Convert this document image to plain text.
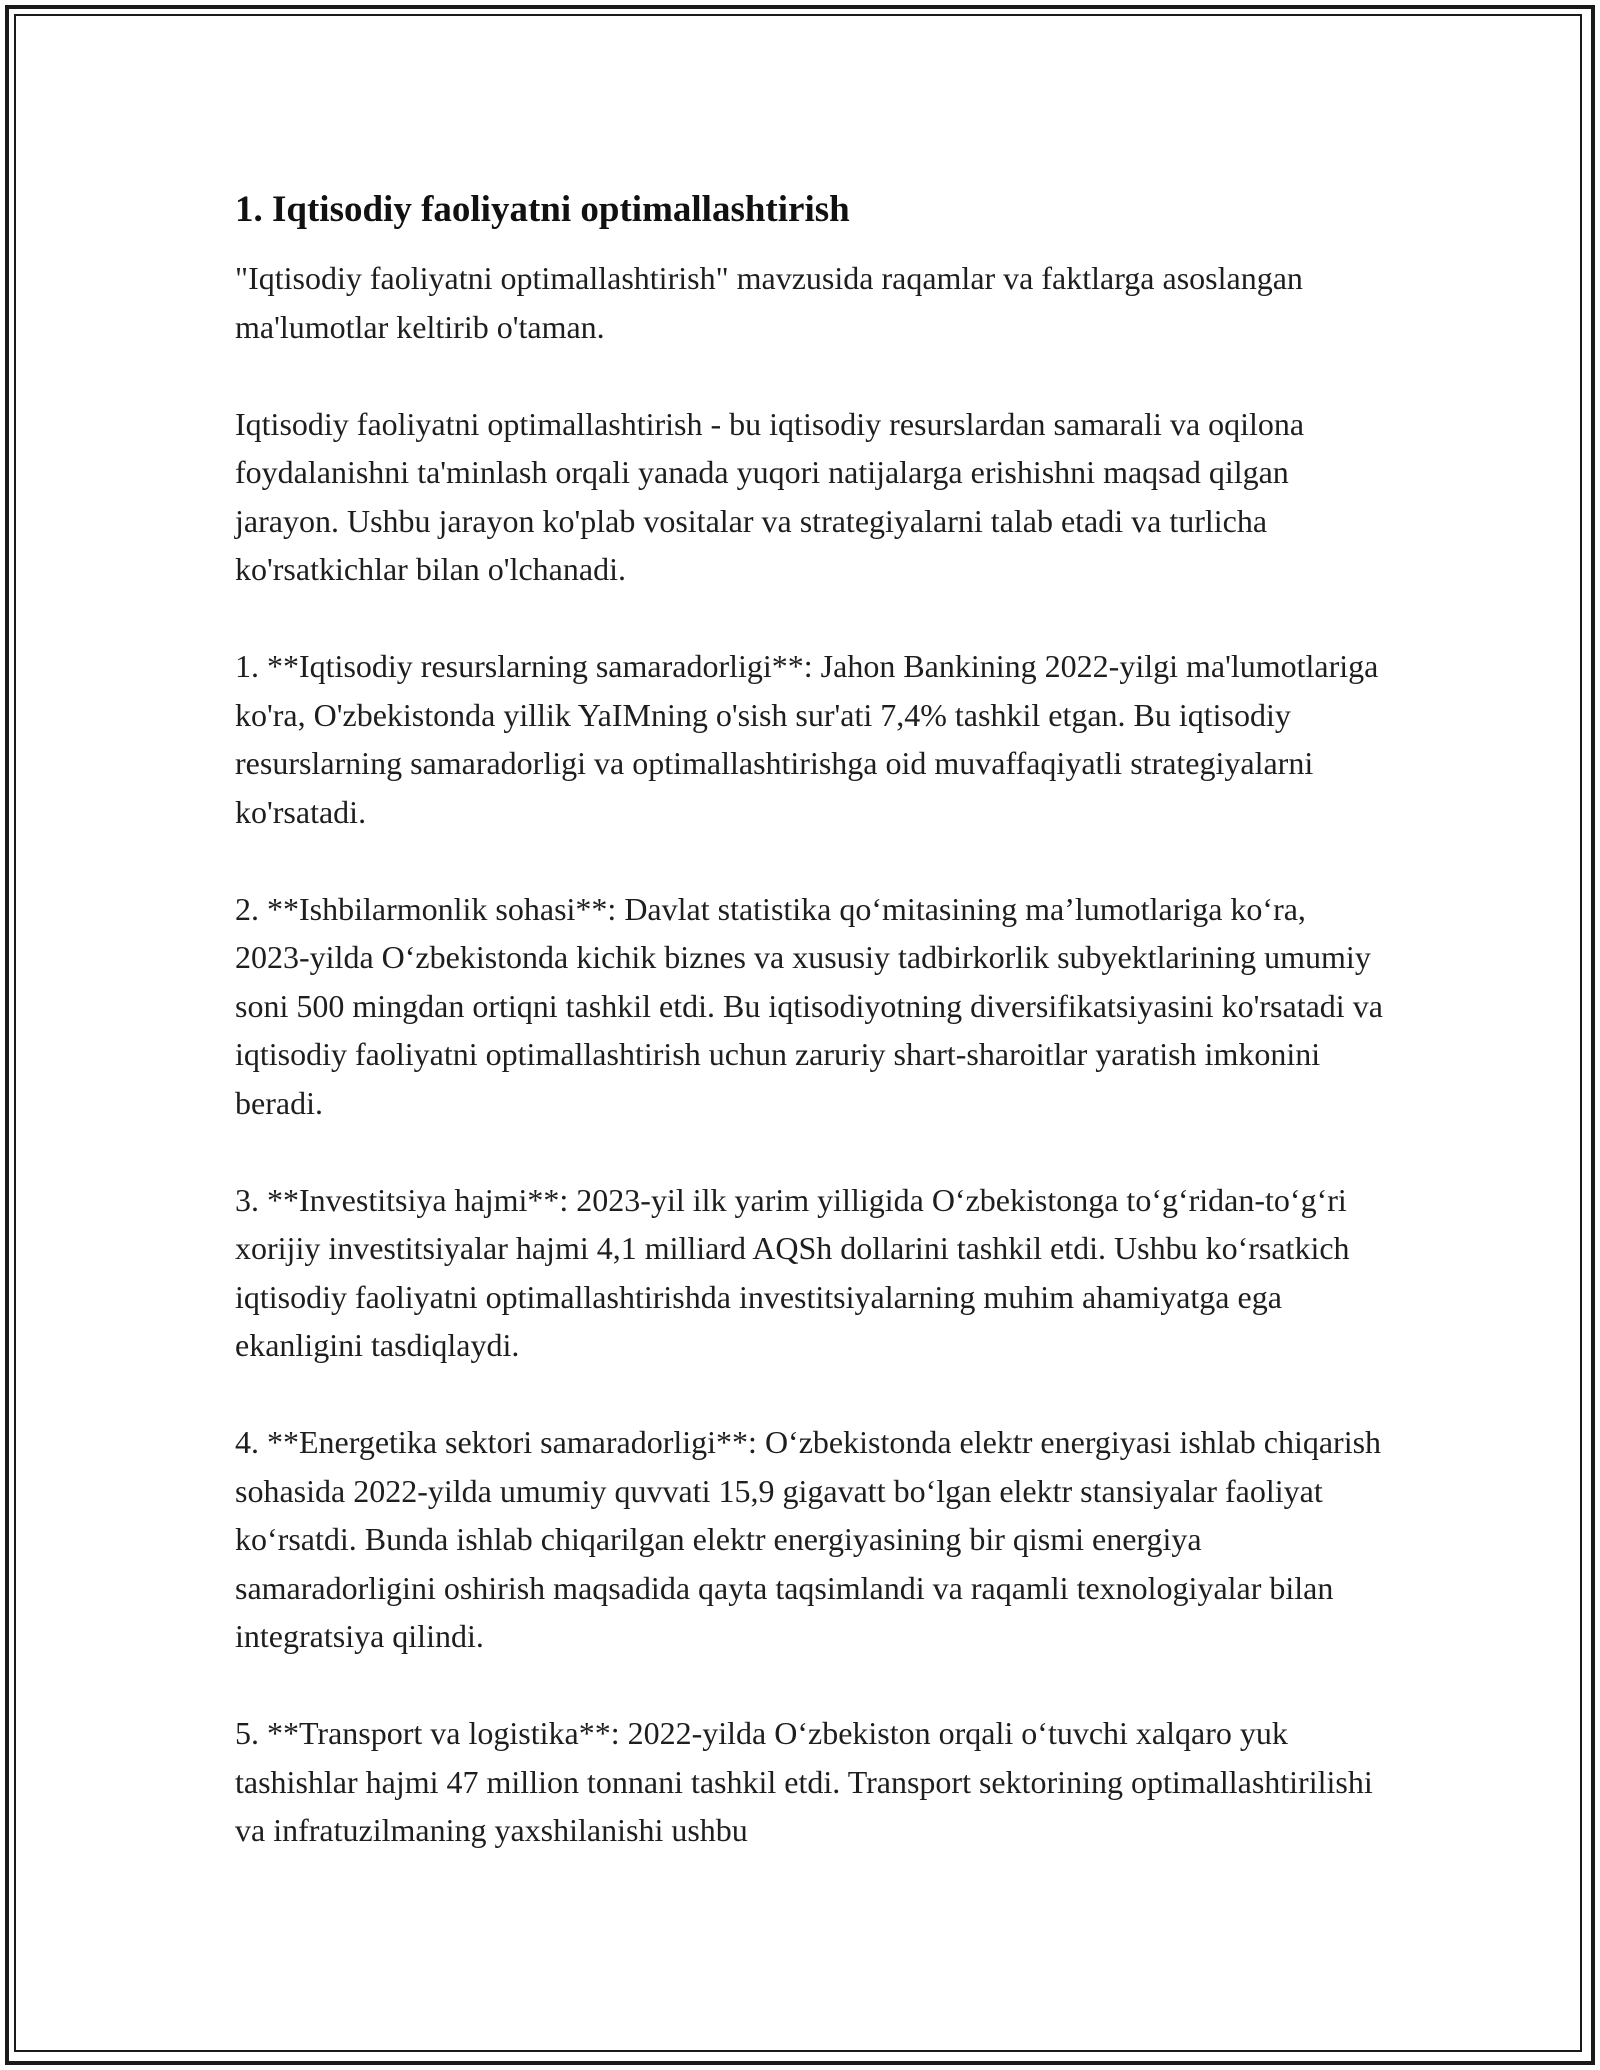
1. Iqtisodiy faoliyatni optimallashtirish

"Iqtisodiy faoliyatni optimallashtirish" mavzusida raqamlar va faktlarga asoslangan ma'lumotlar keltirib o'taman.

Iqtisodiy faoliyatni optimallashtirish - bu iqtisodiy resurslardan samarali va oqilona foydalanishni ta'minlash orqali yanada yuqori natijalarga erishishni maqsad qilgan jarayon. Ushbu jarayon ko'plab vositalar va strategiyalarni talab etadi va turlicha ko'rsatkichlar bilan o'lchanadi.

1. **Iqtisodiy resurslarning samaradorligi**: Jahon Bankining 2022-yilgi ma'lumotlariga ko'ra, O'zbekistonda yillik YaIMning o'sish sur'ati 7,4% tashkil etgan. Bu iqtisodiy resurslarning samaradorligi va optimallashtirishga oid muvaffaqiyatli strategiyalarni ko'rsatadi.

2. **Ishbilarmonlik sohasi**: Davlat statistika qo‘mitasining ma’lumotlariga ko‘ra, 2023-yilda O‘zbekistonda kichik biznes va xususiy tadbirkorlik subyektlarining umumiy soni 500 mingdan ortiqni tashkil etdi. Bu iqtisodiyotning diversifikatsiyasini ko'rsatadi va iqtisodiy faoliyatni optimallashtirish uchun zaruriy shart-sharoitlar yaratish imkonini beradi.

3. **Investitsiya hajmi**: 2023-yil ilk yarim yilligida O‘zbekistonga to‘g‘ridan-to‘g‘ri xorijiy investitsiyalar hajmi 4,1 milliard AQSh dollarini tashkil etdi. Ushbu ko‘rsatkich iqtisodiy faoliyatni optimallashtirishda investitsiyalarning muhim ahamiyatga ega ekanligini tasdiqlaydi.

4. **Energetika sektori samaradorligi**: O‘zbekistonda elektr energiyasi ishlab chiqarish sohasida 2022-yilda umumiy quvvati 15,9 gigavatt bo‘lgan elektr stansiyalar faoliyat ko‘rsatdi. Bunda ishlab chiqarilgan elektr energiyasining bir qismi energiya samaradorligini oshirish maqsadida qayta taqsimlandi va raqamli texnologiyalar bilan integratsiya qilindi.

5. **Transport va logistika**: 2022-yilda O‘zbekiston orqali o‘tuvchi xalqaro yuk tashishlar hajmi 47 million tonnani tashkil etdi. Transport sektorining optimallashtirilishi va infratuzilmaning yaxshilanishi ushbu
